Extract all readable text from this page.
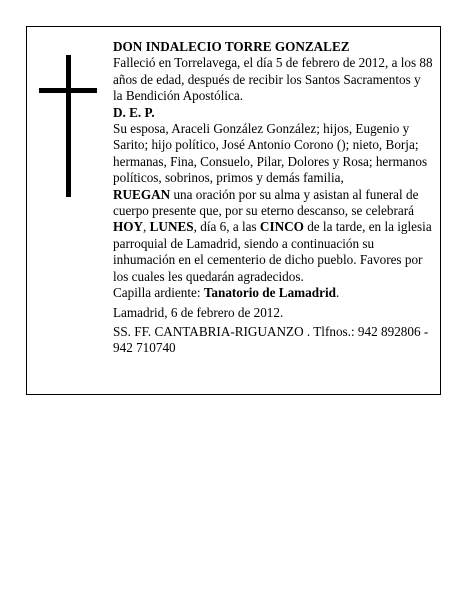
DON INDALECIO TORRE GONZALEZ

Falleció en Torrelavega, el día 5 de febrero de 2012, a los 88 años de edad, después de recibir los Santos Sacramentos y la Bendición Apostólica.

D. E. P.

Su esposa, Araceli González González; hijos, Eugenio y Sarito; hijo político, José Antonio Corono (); nieto, Borja; hermanas, Fina, Consuelo, Pilar, Dolores y Rosa; hermanos políticos, sobrinos, primos y demás familia,

RUEGAN una oración por su alma y asistan al funeral de cuerpo presente que, por su eterno descanso, se celebrará HOY, LUNES, día 6, a las CINCO de la tarde, en la iglesia parroquial de Lamadrid, siendo a continuación su inhumación en el cementerio de dicho pueblo. Favores por los cuales les quedarán agradecidos.

Capilla ardiente: Tanatorio de Lamadrid.

Lamadrid, 6 de febrero de 2012.

SS. FF. CANTABRIA-RIGUANZO . Tlfnos.: 942 892806 - 942 710740
